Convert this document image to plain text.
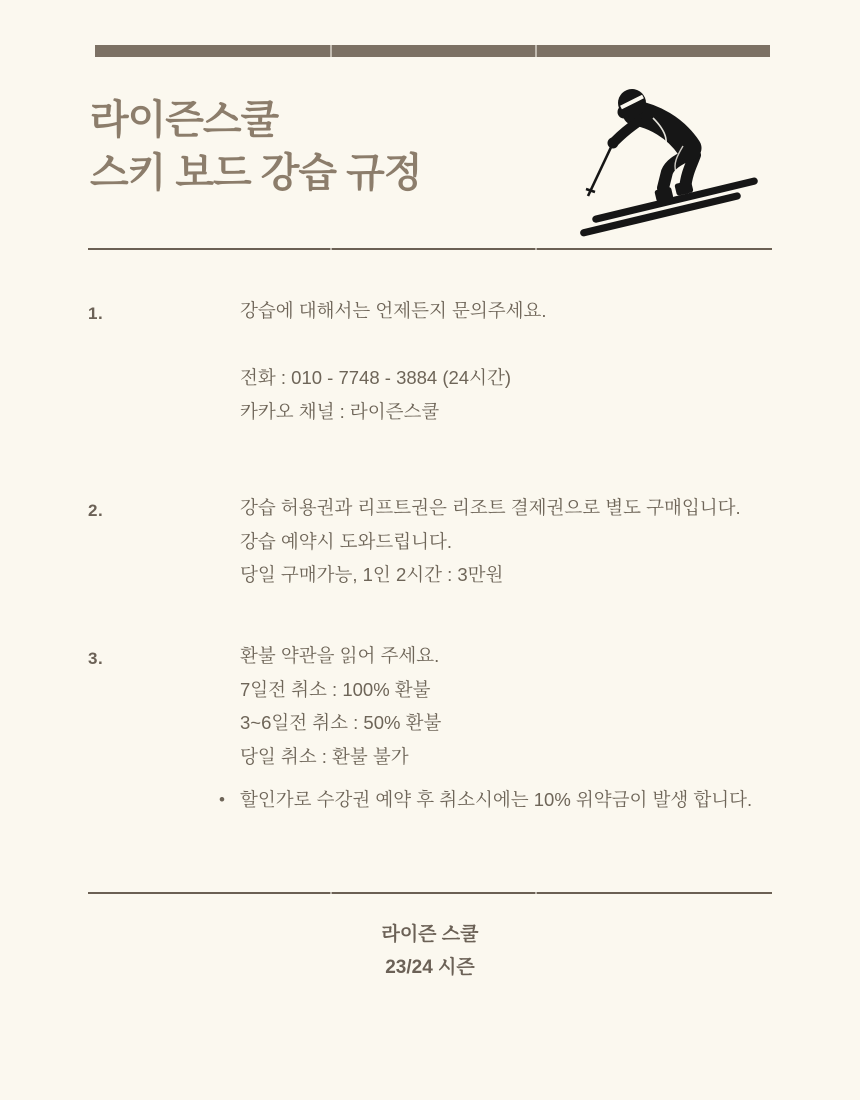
라이즌스쿨
스키 보드 강습 규정
1.	강습에 대해서는 언제든지 문의주세요.
전화 : 010 - 7748 - 3884 (24시간)
카카오 채널 : 라이즌스쿨
2.	강습 허용권과 리프트권은 리조트 결제권으로 별도 구매입니다.
강습 예약시 도와드립니다.
당일 구매가능, 1인 2시간 : 3만원
3.	환불 약관을 읽어 주세요.
7일전 취소 : 100% 환불
3~6일전 취소 : 50% 환불
당일 취소 : 환불 불가
• 할인가로 수강권 예약 후 취소시에는 10% 위약금이 발생 합니다.
라이즌 스쿨
23/24 시즌
